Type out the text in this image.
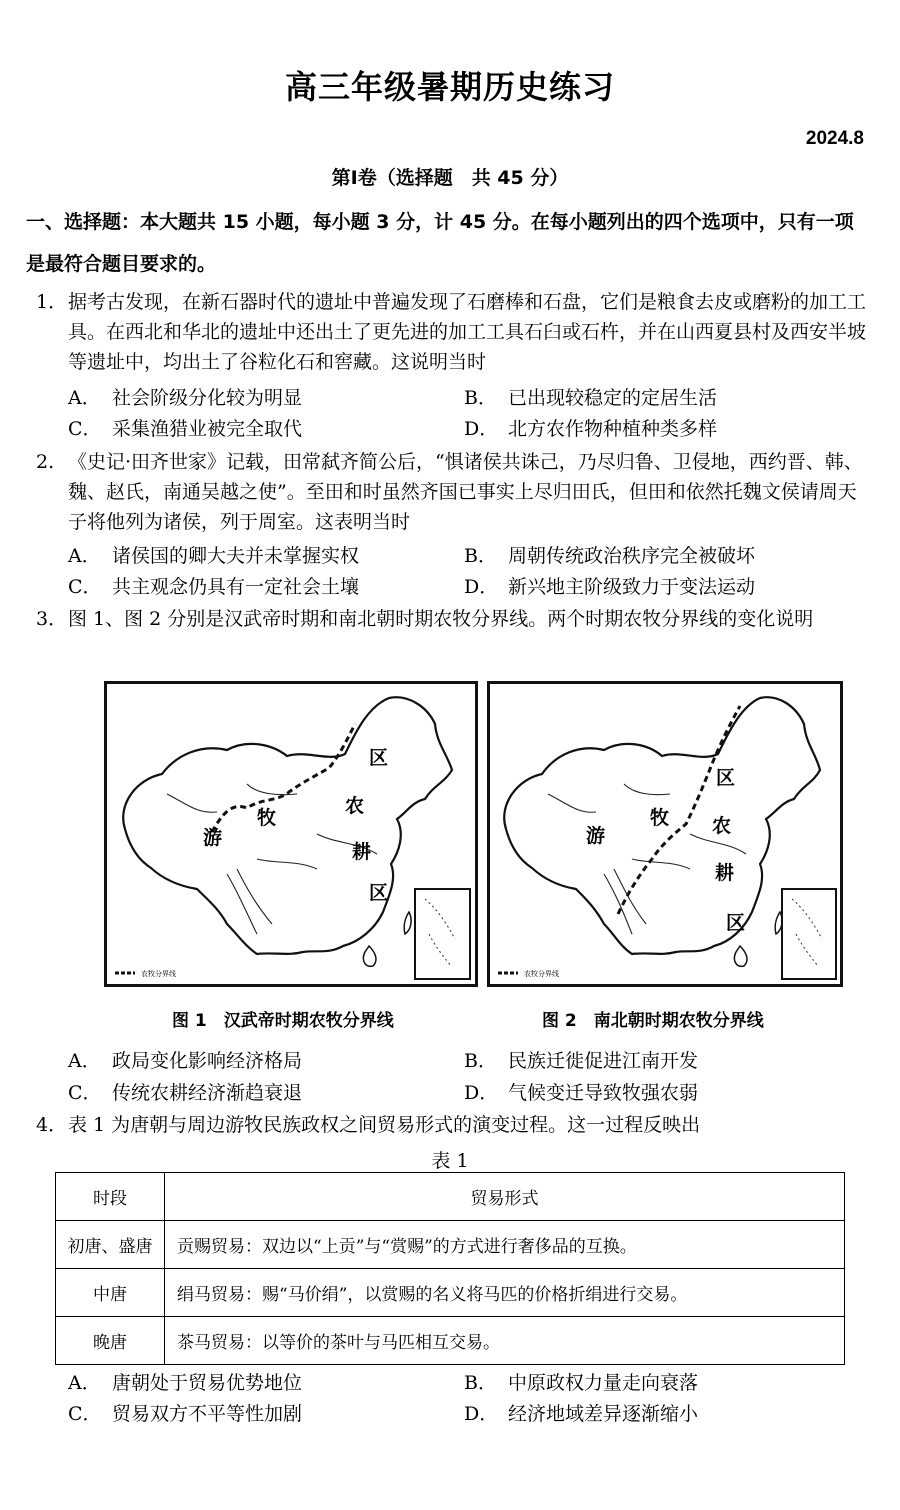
高三年级暑期历史练习
2024.8
第Ⅰ卷（选择题　共 45 分）
一、选择题：本大题共 15 小题，每小题 3 分，计 45 分。在每小题列出的四个选项中，只有一项是最符合题目要求的。
1． 据考古发现，在新石器时代的遗址中普遍发现了石磨棒和石盘，它们是粮食去皮或磨粉的加工工具。在西北和华北的遗址中还出土了更先进的加工工具石臼或石杵，并在山西夏县村及西安半坡等遗址中，均出土了谷粒化石和窖藏。这说明当时
A． 社会阶级分化较为明显	B． 已出现较稳定的定居生活
C． 采集渔猎业被完全取代	D． 北方农作物种植种类多样
2. 《史记·田齐世家》记载，田常弑齐简公后，“惧诸侯共诛己，乃尽归鲁、卫侵地，西约晋、韩、魏、赵氏，南通吴越之使”。至田和时虽然齐国已事实上尽归田氏，但田和依然托魏文侯请周天子将他列为诸侯，列于周室。这表明当时
A． 诸侯国的卿大夫并未掌握实权	B． 周朝传统政治秩序完全被破坏
C． 共主观念仍具有一定社会土壤	D． 新兴地主阶级致力于变法运动
3． 图 1、图 2 分别是汉武帝时期和南北朝时期农牧分界线。两个时期农牧分界线的变化说明
农牧分界线
游
牧
区
农
耕
区
农牧分界线
游
牧
区
农
耕
区
图 1　汉武帝时期农牧分界线	图 2　南北朝时期农牧分界线
A． 政局变化影响经济格局	B． 民族迁徙促进江南开发
C． 传统农耕经济渐趋衰退	D． 气候变迁导致牧强农弱
4． 表 1 为唐朝与周边游牧民族政权之间贸易形式的演变过程。这一过程反映出
表 1
时段	贸易形式
初唐、盛唐	贡赐贸易：双边以“上贡”与“赏赐”的方式进行奢侈品的互换。
中唐	绢马贸易：赐“马价绢”，以赏赐的名义将马匹的价格折绢进行交易。
晚唐	茶马贸易：以等价的茶叶与马匹相互交易。
A． 唐朝处于贸易优势地位	B． 中原政权力量走向衰落
C． 贸易双方不平等性加剧	D． 经济地域差异逐渐缩小
